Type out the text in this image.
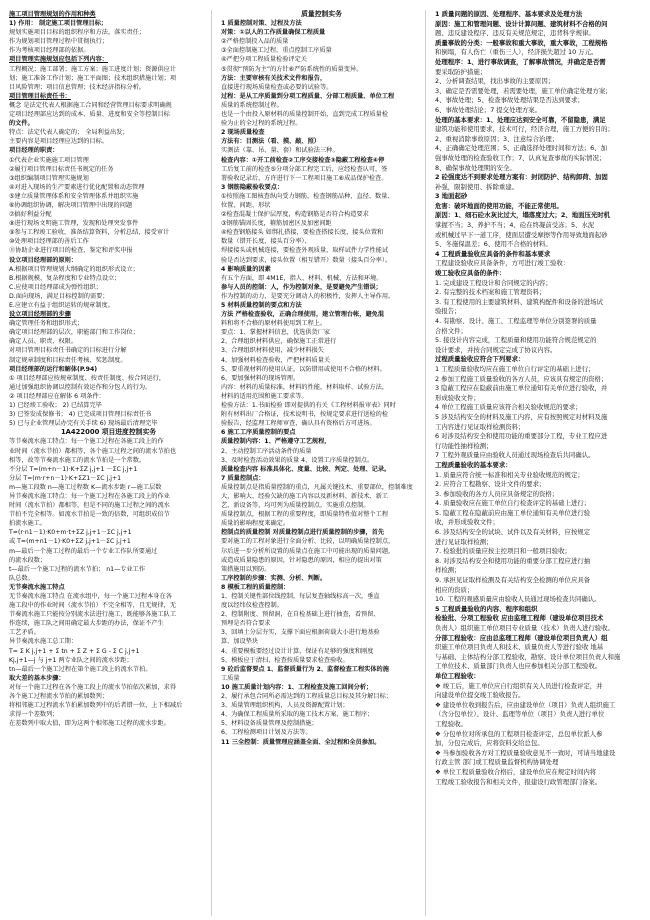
施工项目管理规划的作用和种类
1) 作用： 制定施工项目管理目标；
规划实施项目目标的组织程序和方法，落实责任；
作为规划项目管理过程中贯彻执行；
作为考核项目经理部的依据。
项目管理实施规划应包括下列内容：
工程概况；施工部署；施工方案；施工进度计划；资源供应计
划；施工准备工作计划；施工平面图；技术组织措施计划；项
目风险管理；项目信息管理；技术经济指标分析。
项目管理目标责任书：
概念 是法定代表人根据施工合同和经营管理目标要求明确规
定项目经理部应达到的成本、质量、进度和安全等控制目标
的文件。
特点：法定代表人确定的； 全局利益出发；
主要内容是项目经理应达到的目标。
项目经理的职责：
①代表企业实施施工项目管理
②履行项目管理目标责任书规定的任务
③组织编制项目管理实施规划
④对进入现场的生产要素进行优化配置和动态管理
⑤建立质量管理体系和安全管理体系并组织实施
⑥协调组织协调，解决项目管理中出现的问题
⑦搞好利益分配
⑧进行现场文明施工管理，发现和处理突发事件
⑨参与工程竣工验收，准备结算资料，分析总结，接受审计
⑩处理项目经理部的善后工作
⑪协助企业进行项目的检查、鉴定和评奖申报
设立项目经理部的原则：
A.根据项目管理规划大纲确定的组织形式设立；
B.根据规模、复杂程度和专业特点设立；
C.应使项目经理部成为弹性组织；
D.面向现场，满足目标控制的需要；
E.应建立有益于组织运转的规章制度。
设立项目经理部的步骤
确定管理任务和组织形式；
确定项目经理部的层次，职能部门和工作岗位；
确定人员、职责、权限。
对项目管理目标责任书确定的目标进行分解
制定规章制度和目标责任考核、奖惩制度。
项目经理部的运行和解体(P.94)
① 项目经理部应按规章制度、按责任制度、按合同运行，
通过加强组织协调以控制有效运作和分包人的行为。
② 项目经理部应在解体 6 项条件：
1) 已经竣工验收； 2) 已结算完毕
3) 已签发成保修书； 4) 已完成项目管理目标责任书
5) 已与企业管理层办完有关手续 6) 现场最后清理完毕
1A422000 项目进度控制实务
等节奏流水施工特点：每一个施工过程在各施工段上的作
业时间（流水节拍）都相等，各个施工过程之间的流水节拍也
相等，故等节奏流水施工的流水节拍是一个常数。
不分层 T=(m+n－1)·K+ΣZ j,j+1 －ΣC j,j+1
分层 T=(m·r+n－1)·K+ΣZ1－ΣC j,j+1
m—施工段数 n—施工过程数 K—流水步距 r—施工层数
异节奏流水施工特点：每一个施工过程在各施工段上的作业
时间（流水节拍）都相等，但是不同的施工过程之间的流水
节拍不完全相等。如流水节拍是一致的倍数，可组织成倍节
拍流水施工。
T=(r·n1－1)·K0+m·t+ΣZ j,j+1－ΣC j,j+1
或 T=(m+n1－1)·K0+ΣZ j,j+1－ΣC j,j+1
m—最后一个施工过程的最后一个专业工作队所要通过
的流水段数；
t—最后一个施工过程的流水节拍； n1—专业工作
队总数。
无节奏流水施工特点
无节奏流水施工特点 在流水组中，每一个施工过程本身在各
施工段中的作业时间（流水节拍）不完全相等，且无规律，无
节奏流水施工只能按分别流水法进行施工，既能够各施工队工
作连续，施工队之间用确定最大步距的办法，保证不产生
工艺矛盾。
异节奏流水施工总工期：
T= Σ K j,j+1 + Σ tn + Σ Z + Σ G - Σ C j,j+1
Kj,j+1—j 与 j+1 两专业队之间的流水步距；
tn—最后一个施工过程在第个施工段上的流水节拍。
取大差的基本步骤：
对每一个施工过程在各个施工段上的流水节拍依次累加，求得
各个施工过程流水节拍的累加数列；
将相邻施工过程流水节拍累加数列中的后者错一位，上下相减后
求得一个差数列；
在差数列中取大值，即为这两个相邻施工过程的流水步距。
质量控制实务
1 质量控制对策、过程及方法
对策：①以人的工作质量确保工程质量
②严格控制投入品的质量
③全面控制施工过程，重点控制工序质量
④严把分项工程质量检验评定关
⑤贯彻“预防为主”的方针⑥严防系统性的质量变异。
方法：主要审核有关技术文件和报告，
直接进行现场质量检查或必要的试验等。
过程：是从工序质量到分项工程质量、分部工程质量、单位工程
质量的系统控制过程。
也是一个由投入原材料的质量控制开始，直到完成工程质量检
验为止的全过程的系统过程。
2 现场质量检查
方法有：目测法（看、摸、敲、照）
实测法（靠、吊、量、套）和试验法三种。
检查内容：①开工前检查②工序交接检查③隐蔽工程检查④停
工后复工前的检查⑤分项分部工程完工后，应经检查认可，签
署验收记录后，方许进行下一工程项目施工⑥成品保护检查。
3 钢筋隐蔽验收要点：
①按照施工图核查纵向受力钢筋，检查钢筋品种、直径、数量、
位置、间距、形状
②检查混凝土保护层厚度，构造钢筋是否符合构造要求
③钢筋锚固长度，箍筋加密区及加密间距
④检查钢筋接头 如绑扎搭接，要检查搭接长度，接头位置和
数量（错开长度，接头百分率）、
焊接接头或机械连接，要检查外观质量，取样试件力学性能试
验是否达到要求，接头位置（相互错开）数量（接头百分率）。
4 影响质量的因素
有五个方面，即 4M1E，指人、材料、机械、方法和环境。
参与人员的控制：人，作为控制对象，是要避免产生错误；
作为控制的动力，是要充分调动人的积极性，发挥人主导作用。
5 材料质量控制的要点和方法
方法 严格检查验收，正确合理使用，建立管理台帐，避免混
料和将不合格的原材料使用到工程上。
要点：1、掌握材料信息，优选供货厂家
2、合理组织材料供应，确保施工正常进行
3、合理组织材料使用，减少材料损失
4、加强材料检查验收，严把材料质量关
5、要重视材料的使用认证，以防错用或使用不合格的材料。
6、要加强材料的现场管理。
内容：材料的质量标准，材料的性能，材料取样、试验方法，
材料的适用范围和施工要求等。
检验方法：1.书面检验 即对提供的有关《工程材料报审表》同时
附有材料出厂合格证，技术说明书，按规定要求进行送检的检
验报告，经监理工程师审查，确认具有资格后方可进场。
6 施工工序质量控制的要点
质量控制内容：1、严格遵守工艺规程，
2、主动控制工序活动条件的质量
3、及时检查活动效果的质量 4、设置工序质量控制点。
质量检查内容 标准具体化、度量、比较、判定、处理、记录。
7 质量控制点：
质量控制点是指质量控制的重点，凡属关键技术、重要部位，控制难度
大，影响大、经验欠缺的施工内容以及新材料、新技术、新工
艺、新设备等，均可列为质量控制点，实施重点控制。
质量控制点，根据工程的重要程度，即质量特性值对整个工程
质量的影响程度来确定。
控制点的质量控制 对质量控制点进行质量控制的步骤，首先
要对施工的工程对象进行全面分析、比较，以明确质量控制点，
尔后进一步分析所设置的质量点在施工中可能出现的质量问题，
或造成质量隐患的原因，针对隐患的原因，相应的提出对策
策措施用以预防。
工序控制的步骤：实测、分析、判断。
8 模板工程的质量控制：
1、控制关键性部位线控制，每层复查轴线标高一次，垂直
度以经纬仪检查控制。
2、控制附度、预留洞，在自检基础上进行抽查，看预留、
预埋是否符合要求
3、回填土分层夯实，支撑下面应根据荷载大小进行地基验
算、加设垫块
4、重要模板要经过设计计算，保证有足够的强度和刚度
5、模板应于清扫，检查按质量要求检查验收。
9 砼后监督要点 1、监督质量行为 2、监督检查工程实体的施
工质量
10 施工质量计划内容：1、工程检查及施工回间分析；
2、履行承包合同所必需达到的工程质量总目标及其分解目标；
3、质量管理组织机构，人员及资源配置计划；
4、为确保工程质量所采取的施工技术方案、施工程序；
5、材料设备质量管理及控制措施；
6、工程检测项目计划及方法等。
11 三全控制：质量管理应涵盖全面、全过程和全员参加。
1 质量问题的原因、处理程序、基本要求及处理方法
原因：施工和管理问题、设计计算问题、建筑材料不合格的问
题、违反建设程序、违反有关规范规定，违背科学规律。
质量事故的分类：一般事故和重大事故，重大事故，工程规格
和倒塌，有人伤亡（重伤三人），经济损失超过 10 万元。
处理程序：1、进行事故调查，了解事故情况，并确定是否需
要采取防护措施；
2、分析调查结果，找出事故的主要原因；
3、确定是否需要处理，若需要处理，施工单位确定处理方案；
4、事故处理；5、检查事故处理结果是否达到要求；
6、事故处理结论；7 提交处理方案。
处理的基本要求：1、处理应达到安全可靠，不留隐患，满足
建筑功能和使用要求，技术可行，经济合理，施工方便的目的；
2、重视消除事故原因；3、注意综合治理；
4、正确确定处理范围；5、正确选择处理时间和方法；6、加
强事故处理的检查验收工作；7、认真复查事故的实际情况；
8、确保事故处理期的安全。
2 砼强度达不到要求处理方案有：封闭防护、结构卸荷、加固
补强，限制使用、拆除重建。
3 地面起砂
危害：破坏地面的使用功能，不能正常使用。
原因：1、细石砼水灰比过大，塌落度过大；2、地面压光时机
掌握不当；3、养护不当；4、砼在终凝前受冻；5、水泥
或机械过早下一道工序，使面层遭受摩擦等作用导致地面起砂
5、冬施保温差；6、使用不合格的材料。
4 工程质量验收应具备的条件和基本要求
工程建设验收应具备条件，方可进行竣工验收：
竣工验收应具备的条件：
1. 完成建设工程设计和合同规定的内容；
2. 有完整的技术档案和施工管理资料；
3. 有工程使用的主要建筑材料、建筑构配件和设备的进场试
验报告；
4. 有勘察、设计、施工、工程监理等单位分别签署的质量
合格文件；
5. 接设计内容完成，工程质量和使用功能符合规范规定的
设计要求，并按合同规定完成了协议内容。
过程质量验收应符合下列要求：
1 工程质量验收均应在施工单位自行评定的基础上进行；
2 参加工程施工质量验收的各方人员，应该具有规定的资格；
3 隐蔽工程应在隐蔽前由施工单位通知有关单位进行验收，并
形成验收文件；
4 单位工程施工质量应该符合相关验收规范的要求；
5 涉及结构安全的材料及施工内容，应有按照规定对材料及施
工内容进行见证取样检测资料；
6 对涉及结构安全和使用功能的重要部分工程，专业工程应进
行功能性抽样检测；
7 工程外观质量应由验收人员通过现场检查后共同确认。
工程质量验收的基本要求：
1. 质量应符合统一标准和相关专业验收规范的规定；
2. 应符合工程勘察、设计文件的要求；
3. 参加验收的各方人员应具备规定的资格；
4. 质量验收应在施工单位自行检查评定的基础上进行；
5. 隐蔽工程在隐蔽前应由施工单位通知有关单位进行验
收，并形成验收文件；
6. 涉及结构安全的试块、试件以及有关材料，应按规定
进行见证取样检测；
7. 检验批的质量应按主控项目和一般项目验收；
8. 对涉及结构安全和使用功能的重要分部工程应进行抽
样检测；
9. 承担见证取样检测及有关结构安全检测的单位应具备
相应的资质；
10. 工程的观感质量应由验收人员通过现场检查共同确认。
5 工程质量验收的内容、程序和组织
检验批、分项工程验收 应由监理工程师（建设单位项目技术
负责人）组织施工单位项目专业质量（技术）负责人进行验收。
分部工程验收：应由总监理工程师（建设单位项目负责人）组
织施工单位项目负责人和技术、质量负责人等进行验收 地基
与基础、主体结构分部工程验收，勘察、设计单位项目负责人和施
工单位技术、质量部门负责人也应参加相关分部工程验收。
单位工程验收：
❖ 竣工后，施工单位应自行组织有关人员进行检查评定，并
向建设单位提交竣工验收报告。
❖ 建设单位收到报告后，应由建设单位（项目）负责人组织施工
（含分包单位）、设计、监理等单位（项目）负责人进行单位
工程验收。
❖ 分包单位对所承包的工程项目检查评定，总包单位派人参
加，分包完成后，应将资料交给总包。
❖ 当参加验收各方对工程质量验收意见不一致时，可请当地建设
行政主管 部门或工程质量监督机构协调处理
❖ 单位工程质量验收合格后，建设单位应在规定时间内将
工程竣工验收报告和相关文件，报建设行政管理部门备案。
